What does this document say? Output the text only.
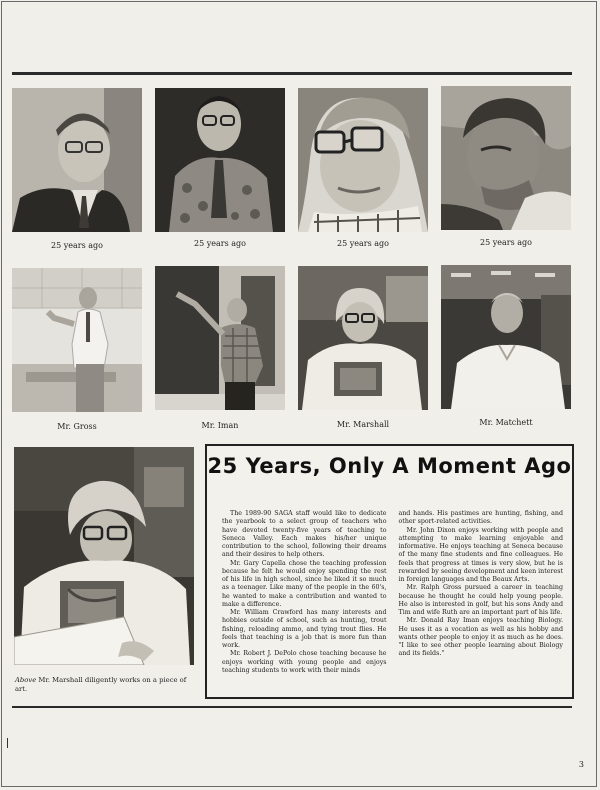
25 years ago	25 years ago	25 years ago	25 years ago
Mr. Gross	Mr. Iman	Mr. Marshall	Mr. Matchett
Above Mr. Marshall diligently works on a piece of art.
25 Years, Only A Moment Ago

The 1989-90 SAGA staff would like to dedicate the yearbook to a select group of teachers who have devoted twenty-five years of teaching to Seneca Valley. Each makes his/her unique contribution to the school, following their dreams and their desires to help others.

Mr. Gary Capella chose the teaching profession because he felt he would enjoy spending the rest of his life in high school, since he liked it so much as a teenager. Like many of the people in the 60's, he wanted to make a contribution and wanted to make a difference.

Mr. William Crawford has many interests and hobbies outside of school, such as hunting, trout fishing, reloading ammo, and tying trout flies. He feels that teaching is a job that is more fun than work.

Mr. Robert J. DePolo chose teaching because he enjoys working with young people and enjoys teaching students to work with their minds

and hands. His pastimes are hunting, fishing, and other sport-related activities.

Mr. John Dixon enjoys working with people and attempting to make learning enjoyable and informative. He enjoys teaching at Seneca because of the many fine students and fine colleagues. He feels that progress at times is very slow, but he is rewarded by seeing development and keen interest in foreign languages and the Beaux Arts.

Mr. Ralph Gross pursued a career in teaching because he thought he could help young people. He also is interested in golf, but his sons Andy and Tim and wife Ruth are an important part of his life.

Mr. Donald Ray Iman enjoys teaching Biology. He uses it as a vocation as well as his hobby and wants other people to enjoy it as much as he does. "I like to see other people learning about Biology and its fields."

3
